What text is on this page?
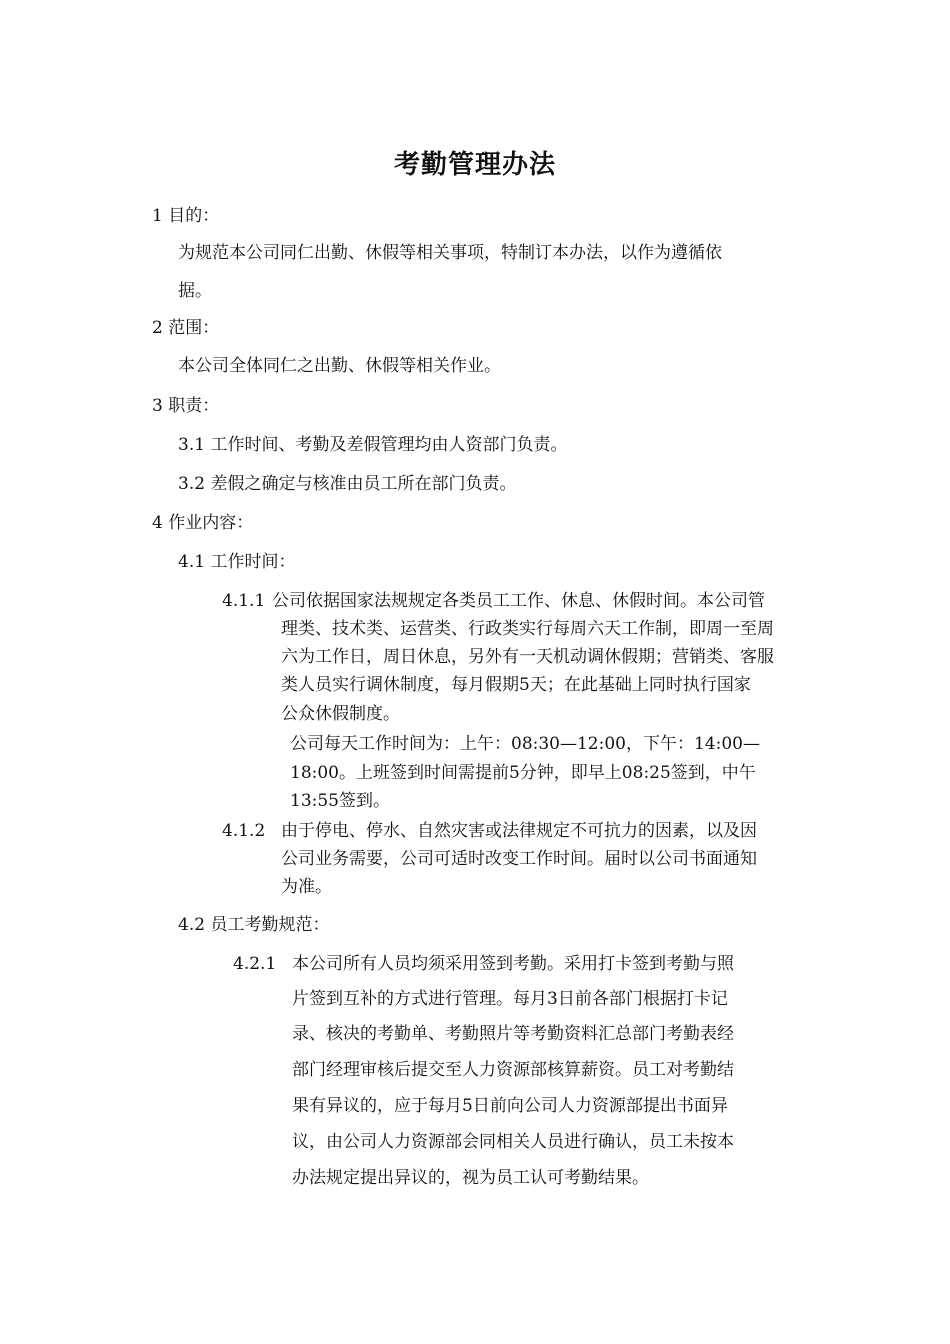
考勤管理办法
1 目的：
为规范本公司同仁出勤、休假等相关事项，特制订本办法，以作为遵循依
据。
2 范围：
本公司全体同仁之出勤、休假等相关作业。
3 职责：
3.1 工作时间、考勤及差假管理均由人资部门负责。
3.2 差假之确定与核准由员工所在部门负责。
4 作业内容：
4.1 工作时间：
4.1.1 公司依据国家法规规定各类员工工作、休息、休假时间。本公司管
理类、技术类、运营类、行政类实行每周六天工作制，即周一至周
六为工作日，周日休息，另外有一天机动调休假期；营销类、客服
类人员实行调休制度，每月假期5天；在此基础上同时执行国家
公众休假制度。
公司每天工作时间为：上午：08:30—12:00，下午：14:00—
18:00。上班签到时间需提前5分钟，即早上08:25签到，中午
13:55签到。
4.1.2 由于停电、停水、自然灾害或法律规定不可抗力的因素，以及因
公司业务需要，公司可适时改变工作时间。届时以公司书面通知
为准。
4.2 员工考勤规范：
4.2.1 本公司所有人员均须采用签到考勤。采用打卡签到考勤与照
片签到互补的方式进行管理。每月3日前各部门根据打卡记
录、核决的考勤单、考勤照片等考勤资料汇总部门考勤表经
部门经理审核后提交至人力资源部核算薪资。员工对考勤结
果有异议的，应于每月5日前向公司人力资源部提出书面异
议，由公司人力资源部会同相关人员进行确认，员工未按本
办法规定提出异议的，视为员工认可考勤结果。
